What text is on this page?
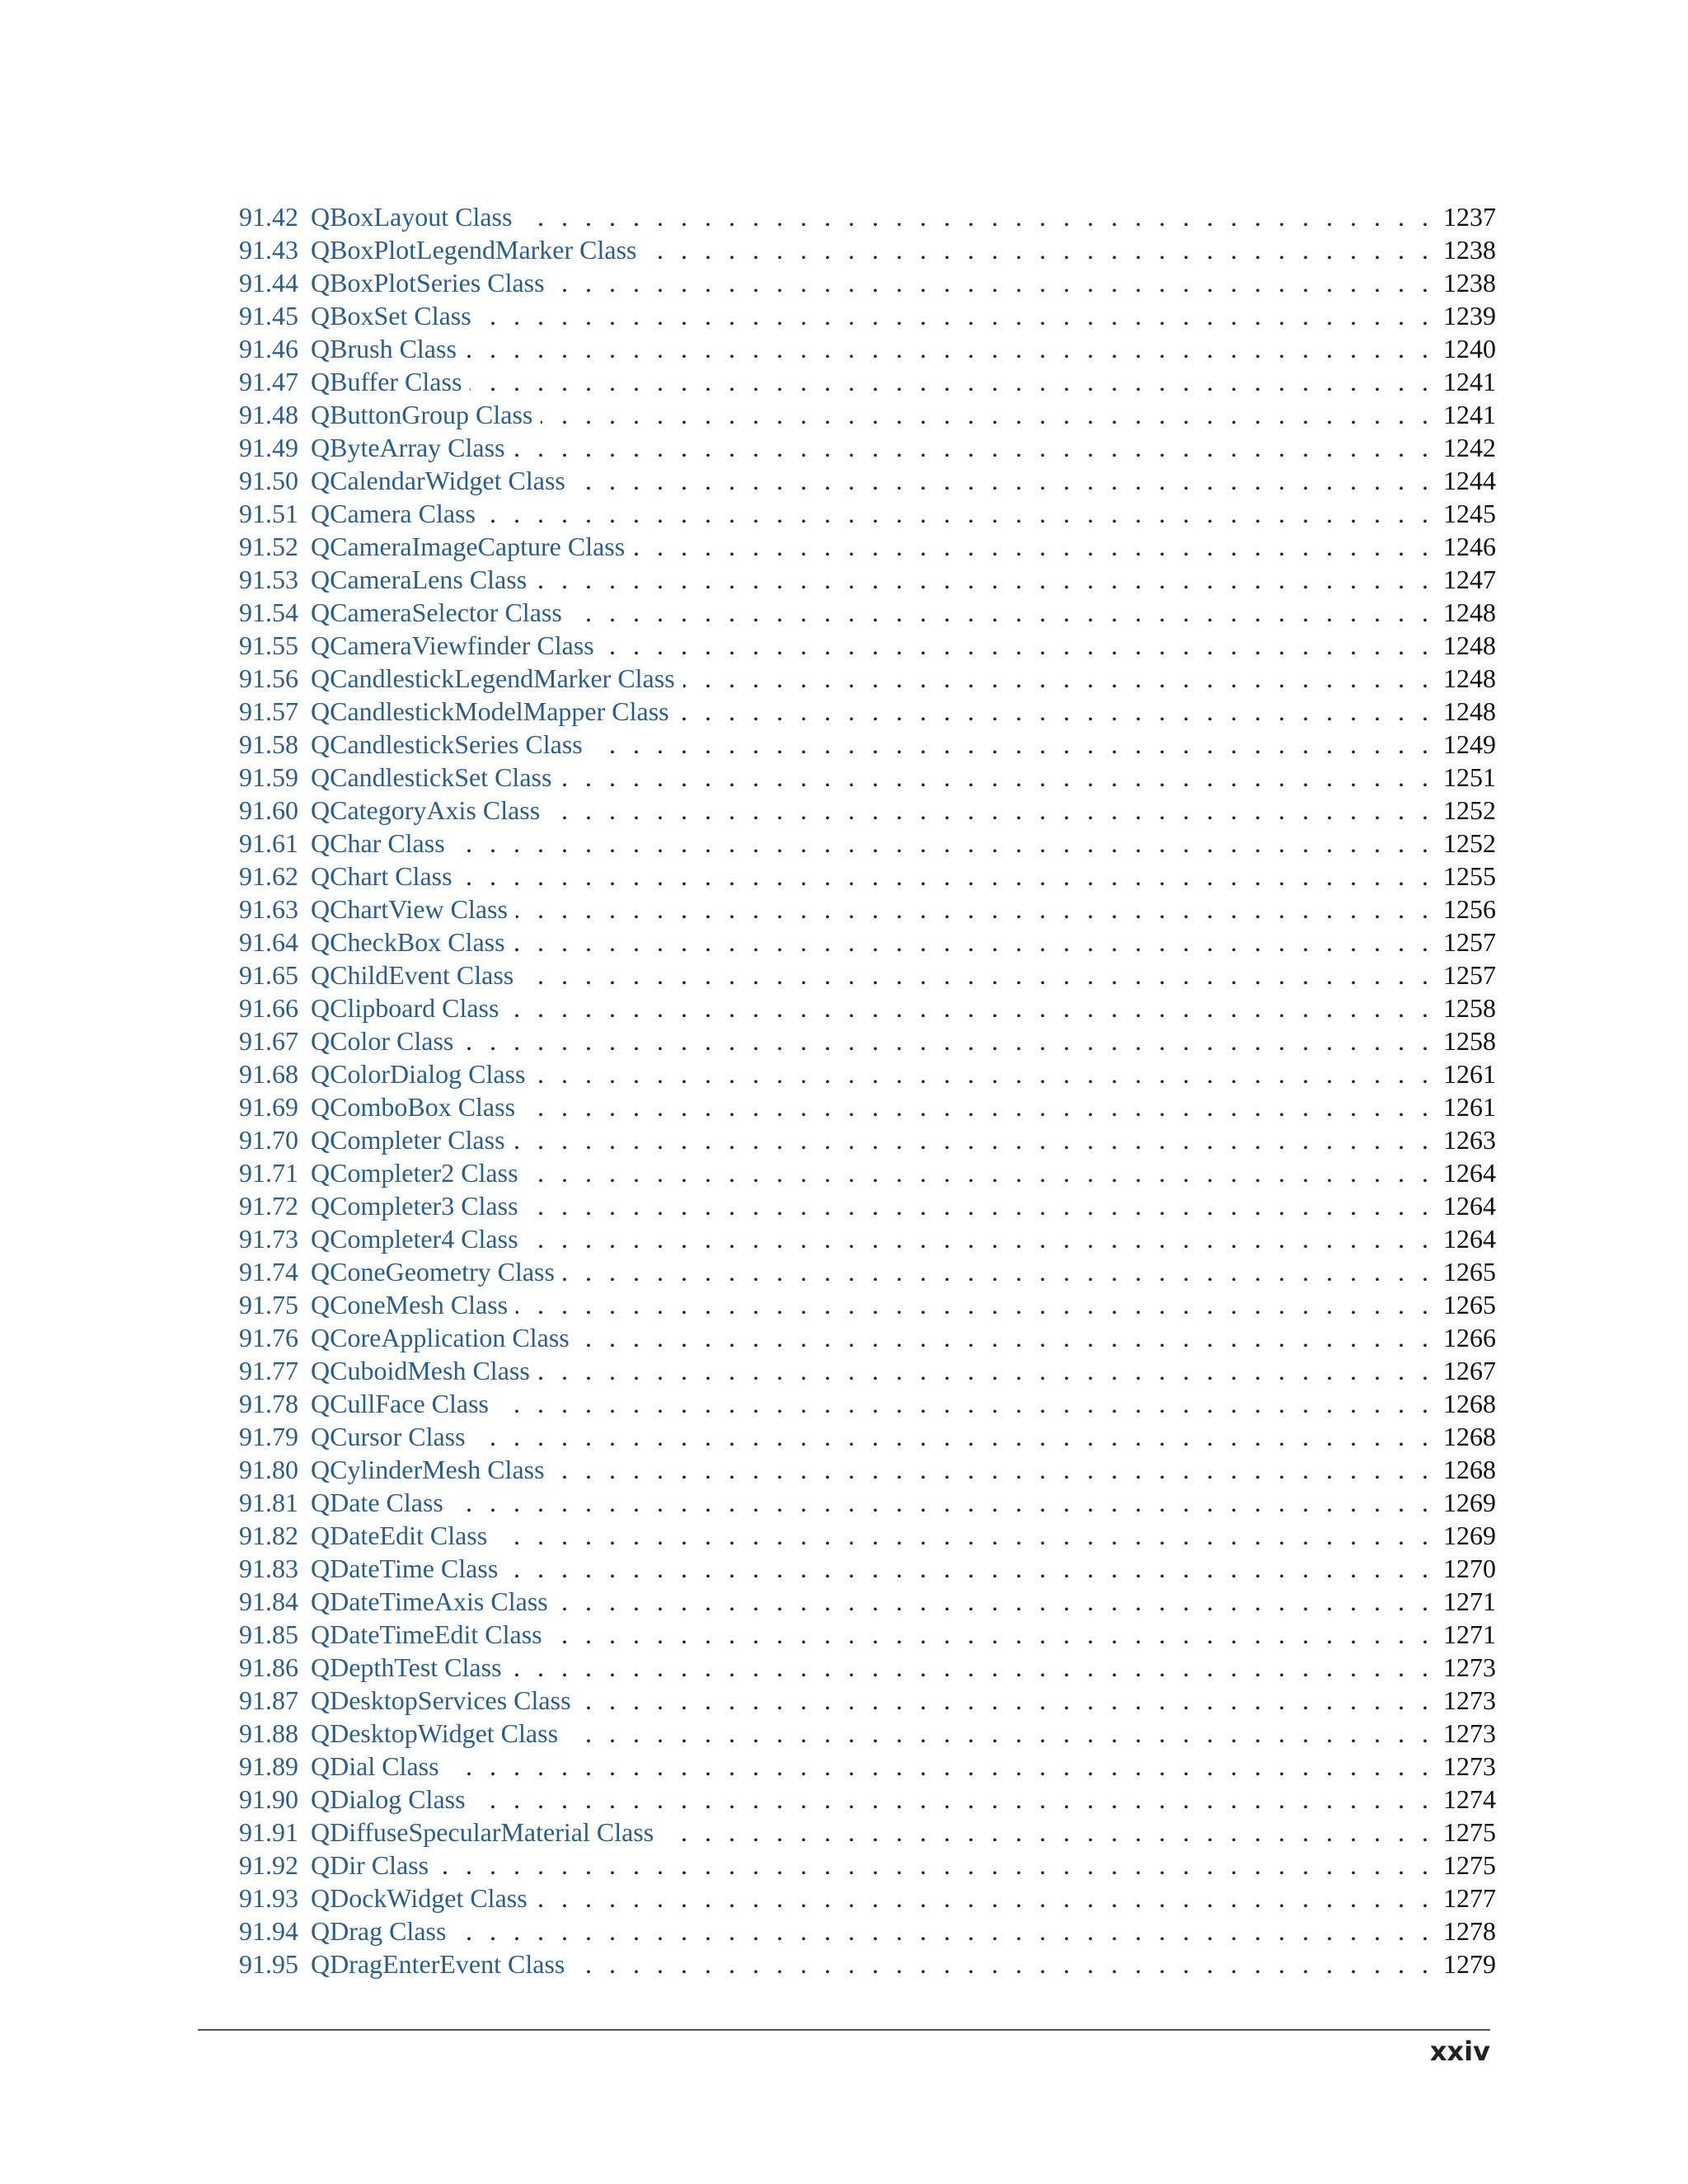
91.42 QBoxLayout Class . . .	1237
91.43 QBoxPlotLegendMarker Class . . .	1238
91.44 QBoxPlotSeries Class . . .	1238
91.45 QBoxSet Class . . .	1239
91.46 QBrush Class . . .	1240
91.47 QBuffer Class . . .	1241
91.48 QButtonGroup Class . . .	1241
91.49 QByteArray Class . . .	1242
91.50 QCalendarWidget Class . . .	1244
91.51 QCamera Class . . .	1245
91.52 QCameraImageCapture Class . . .	1246
91.53 QCameraLens Class . . .	1247
91.54 QCameraSelector Class . . .	1248
91.55 QCameraViewfinder Class . . .	1248
91.56 QCandlestickLegendMarker Class . . .	1248
91.57 QCandlestickModelMapper Class . . .	1248
91.58 QCandlestickSeries Class . . .	1249
91.59 QCandlestickSet Class . . .	1251
91.60 QCategoryAxis Class . . .	1252
91.61 QChar Class . . .	1252
91.62 QChart Class . . .	1255
91.63 QChartView Class . . .	1256
91.64 QCheckBox Class . . .	1257
91.65 QChildEvent Class . . .	1257
91.66 QClipboard Class . . .	1258
91.67 QColor Class . . .	1258
91.68 QColorDialog Class . . .	1261
91.69 QComboBox Class . . .	1261
91.70 QCompleter Class . . .	1263
91.71 QCompleter2 Class . . .	1264
91.72 QCompleter3 Class . . .	1264
91.73 QCompleter4 Class . . .	1264
91.74 QConeGeometry Class . . .	1265
91.75 QConeMesh Class . . .	1265
91.76 QCoreApplication Class . . .	1266
91.77 QCuboidMesh Class . . .	1267
91.78 QCullFace Class . . .	1268
91.79 QCursor Class . . .	1268
91.80 QCylinderMesh Class . . .	1268
91.81 QDate Class . . .	1269
91.82 QDateEdit Class . . .	1269
91.83 QDateTime Class . . .	1270
91.84 QDateTimeAxis Class . . .	1271
91.85 QDateTimeEdit Class . . .	1271
91.86 QDepthTest Class . . .	1273
91.87 QDesktopServices Class . . .	1273
91.88 QDesktopWidget Class . . .	1273
91.89 QDial Class . . .	1273
91.90 QDialog Class . . .	1274
91.91 QDiffuseSpecularMaterial Class . . .	1275
91.92 QDir Class . . .	1275
91.93 QDockWidget Class . . .	1277
91.94 QDrag Class . . .	1278
91.95 QDragEnterEvent Class . . .	1279
xxiv
